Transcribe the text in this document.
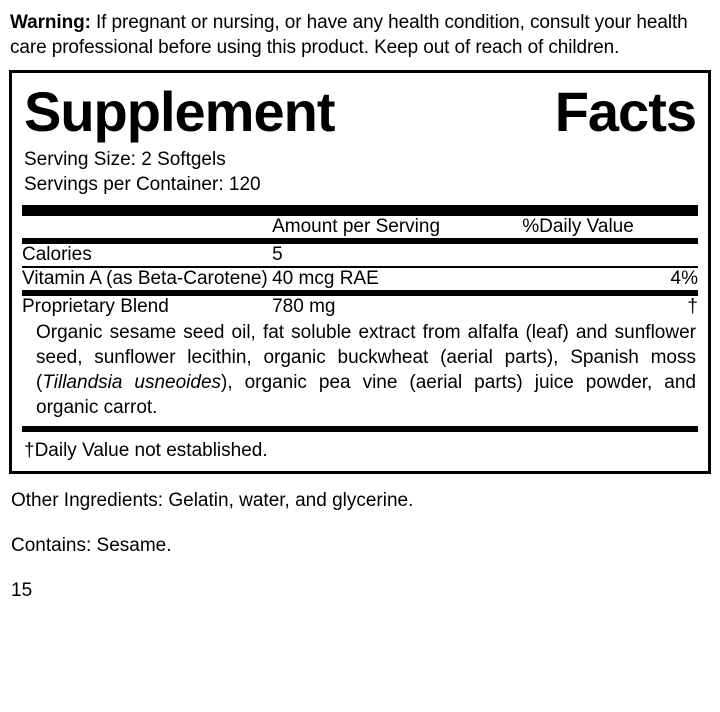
Warning: If pregnant or nursing, or have any health condition, consult your health care professional before using this product. Keep out of reach of children.

Supplement	Facts
Serving Size: 2 Softgels
Servings per Container: 120
	Amount per Serving	%Daily Value
Calories	5	
Vitamin A (as Beta-Carotene)	40 mcg RAE	4%
Proprietary Blend	780 mg	†
Organic sesame seed oil, fat soluble extract from alfalfa (leaf) and sunflower seed, sunflower lecithin, organic buckwheat (aerial parts), Spanish moss (Tillandsia usneoides), organic pea vine (aerial parts) juice powder, and organic carrot.
†Daily Value not established.
Other Ingredients: Gelatin, water, and glycerine.
Contains: Sesame.
15
